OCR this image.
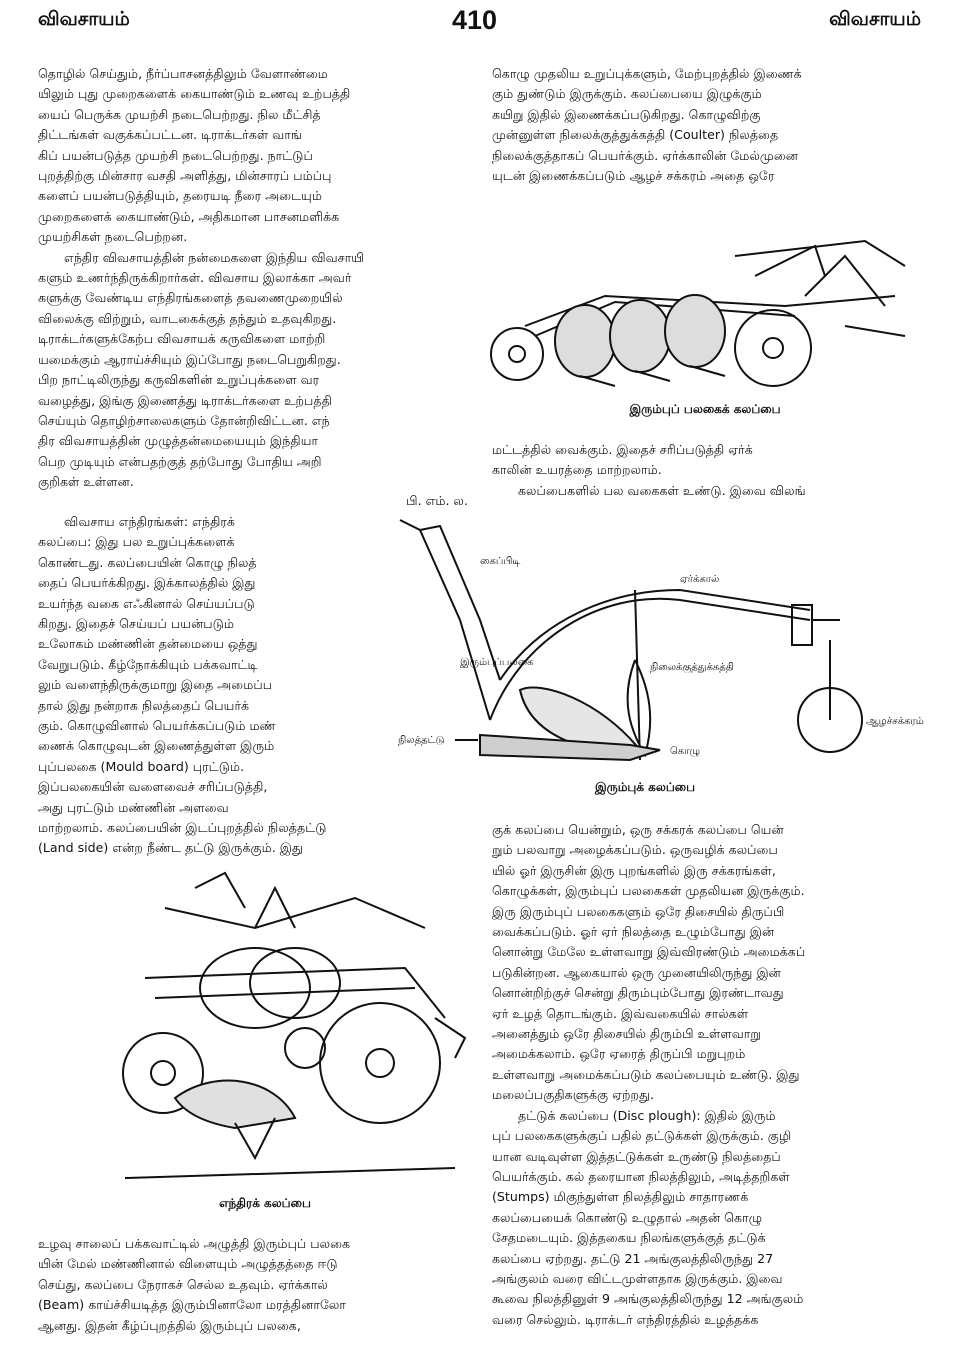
விவசாயம்	410	விவசாயம்
தொழில் செய்தும், நீர்ப்பாசனத்திலும் வேளாண்மை
யிலும் புது முறைகளைக் கையாண்டும் உணவு உற்பத்தி
யைப் பெருக்க முயற்சி நடைபெற்றது. நில மீட்சித்
திட்டங்கள் வகுக்கப்பட்டன. டிராக்டர்கள் வாங்
கிப் பயன்படுத்த முயற்சி நடைபெற்றது. நாட்டுப்
புறத்திற்கு மின்சார வசதி அளித்து, மின்சாரப் பம்ப்பு
களைப் பயன்படுத்தியும், தரையடி நீரை அடையும்
முறைகளைக் கையாண்டும், அதிகமான பாசனமளிக்க
முயற்சிகள் நடைபெற்றன.
எந்திர விவசாயத்தின் நன்மைகளை இந்திய விவசாயி
களும் உணர்ந்திருக்கிறார்கள். விவசாய இலாக்கா அவர்
களுக்கு வேண்டிய எந்திரங்களைத் தவணைமுறையில்
விலைக்கு விற்றும், வாடகைக்குத் தந்தும் உதவுகிறது.
டிராக்டர்களுக்கேற்ப விவசாயக் கருவிகளை மாற்றி
யமைக்கும் ஆராய்ச்சியும் இப்போது நடைபெறுகிறது.
பிற நாட்டிலிருந்து கருவிகளின் உறுப்புக்களை வர
வழைத்து, இங்கு இணைத்து டிராக்டர்களை உற்பத்தி
செய்யும் தொழிற்சாலைகளும் தோன்றிவிட்டன. எந்
திர விவசாயத்தின் முழுத்தன்மையையும் இந்தியா
பெற முடியும் என்பதற்குத் தற்போது போதிய அறி
குறிகள் உள்ளன.
பி. எம். ல.
விவசாய எந்திரங்கள்: எந்திரக்
கலப்பை: இது பல உறுப்புக்களைக்
கொண்டது. கலப்பையின் கொழு நிலத்
தைப் பெயர்க்கிறது. இக்காலத்தில் இது
உயர்ந்த வகை எஃகினால் செய்யப்படு
கிறது. இதைச் செய்யப் பயன்படும்
உலோகம் மண்ணின் தன்மையை ஒத்து
வேறுபடும். கீழ்நோக்கியும் பக்கவாட்டி
லும் வளைந்திருக்குமாறு இதை அமைப்ப
தால் இது நன்றாக நிலத்தைப் பெயர்க்
கும். கொழுவினால் பெயர்க்கப்படும் மண்
ணைக் கொழுவுடன் இணைத்துள்ள இரும்
புப்பலகை (Mould board) புரட்டும்.
இப்பலகையின் வளைவைச் சரிப்படுத்தி,
அது புரட்டும் மண்ணின் அளவை
மாற்றலாம். கலப்பையின் இடப்புறத்தில் நிலத்தட்டு
(Land side) என்ற நீண்ட தட்டு இருக்கும். இது
உழவு சாலைப் பக்கவாட்டில் அழுத்தி இரும்புப் பலகை
யின் மேல் மண்ணினால் விளையும் அழுத்தத்தை ஈடு
செய்து, கலப்பை நேராகச் செல்ல உதவும். ஏர்க்கால்
(Beam) காய்ச்சியடித்த இரும்பினாலோ மரத்தினாலோ
ஆனது. இதன் கீழ்ப்புறத்தில் இரும்புப் பலகை,
கொழு முதலிய உறுப்புக்களும், மேற்புறத்தில் இணைக்
கும் துண்டும் இருக்கும். கலப்பையை இழுக்கும்
கயிறு இதில் இணைக்கப்படுகிறது. கொழுவிற்கு
முன்னுள்ள நிலைக்குத்துக்கத்தி (Coulter) நிலத்தை
நிலைக்குத்தாகப் பெயர்க்கும். ஏர்க்காலின் மேல்முனை
யுடன் இணைக்கப்படும் ஆழச் சக்கரம் அதை ஒரே
மட்டத்தில் வைக்கும். இதைச் சரிப்படுத்தி ஏர்க்
காலின் உயரத்தை மாற்றலாம்.
கலப்பைகளில் பல வகைகள் உண்டு. இவை விலங்
குக் கலப்பை யென்றும், ஒரு சக்கரக் கலப்பை யென்
றும் பலவாறு அழைக்கப்படும். ஒருவழிக் கலப்பை
யில் ஓர் இருசின் இரு புறங்களில் இரு சக்கரங்கள்,
கொழுக்கள், இரும்புப் பலகைகள் முதலியன இருக்கும்.
இரு இரும்புப் பலகைகளும் ஒரே திசையில் திருப்பி
வைக்கப்படும். ஓர் ஏர் நிலத்தை உழும்போது இன்
னொன்று மேலே உள்ளவாறு இவ்விரண்டும் அமைக்கப்
படுகின்றன. ஆகையால் ஒரு முனையிலிருந்து இன்
னொன்றிற்குச் சென்று திரும்பும்போது இரண்டாவது
ஏர் உழத் தொடங்கும். இவ்வகையில் சால்கள்
அனைத்தும் ஒரே திசையில் திரும்பி உள்ளவாறு
அமைக்கலாம். ஒரே ஏரைத் திருப்பி மறுபுறம்
உள்ளவாறு அமைக்கப்படும் கலப்பையும் உண்டு. இது
மலைப்பகுதிகளுக்கு ஏற்றது.
தட்டுக் கலப்பை (Disc plough): இதில் இரும்
புப் பலகைகளுக்குப் பதில் தட்டுக்கள் இருக்கும். குழி
யான வடிவுள்ள இத்தட்டுக்கள் உருண்டு நிலத்தைப்
பெயர்க்கும். கல் தரையான நிலத்திலும், அடித்தறிகள்
(Stumps) மிகுந்துள்ள நிலத்திலும் சாதாரணக்
கலப்பையைக் கொண்டு உழுதால் அதன் கொழு
சேதமடையும். இத்தகைய நிலங்களுக்குத் தட்டுக்
கலப்பை ஏற்றது. தட்டு 21 அங்குலத்திலிருந்து 27
அங்குலம் வரை விட்டமுள்ளதாக இருக்கும். இவை
கூவை நிலத்தினுள் 9 அங்குலத்திலிருந்து 12 அங்குலம்
வரை செல்லும். டிராக்டர் எந்திரத்தில் உழத்தக்க
இரும்புப் பலகைக் கலப்பை
கைப்பிடி
ஏர்க்கால்
இரும்புப்பலகை	நிலைக்குத்துக்கத்தி
நிலத்தட்டு
கொழு
ஆழச்சக்கரம்
இரும்புக் கலப்பை
எந்திரக் கலப்பை
